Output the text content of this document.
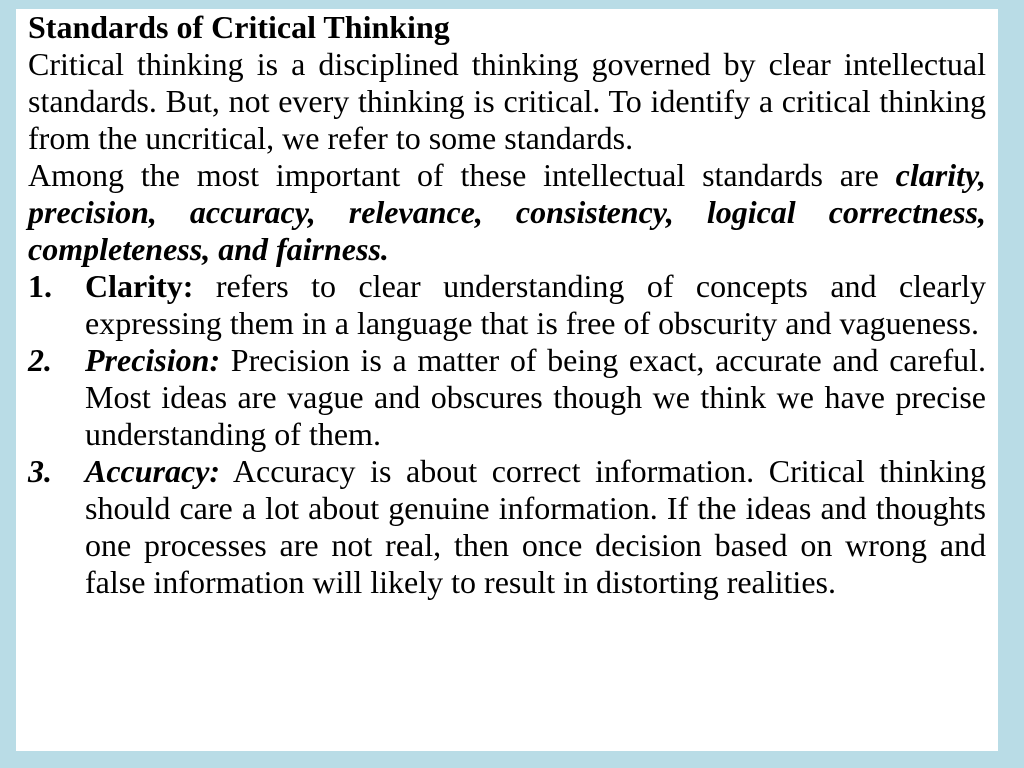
Standards of Critical Thinking

Critical thinking is a disciplined thinking governed by clear intellectual standards. But, not every thinking is critical. To identify a critical thinking from the uncritical, we refer to some standards.

Among the most important of these intellectual standards are clarity, precision, accuracy, relevance, consistency, logical correctness, completeness, and fairness.

1. Clarity: refers to clear understanding of concepts and clearly expressing them in a language that is free of obscurity and vagueness.
2. Precision: Precision is a matter of being exact, accurate and careful. Most ideas are vague and obscures though we think we have precise understanding of them.
3. Accuracy: Accuracy is about correct information. Critical thinking should care a lot about genuine information. If the ideas and thoughts one processes are not real, then once decision based on wrong and false information will likely to result in distorting realities.
